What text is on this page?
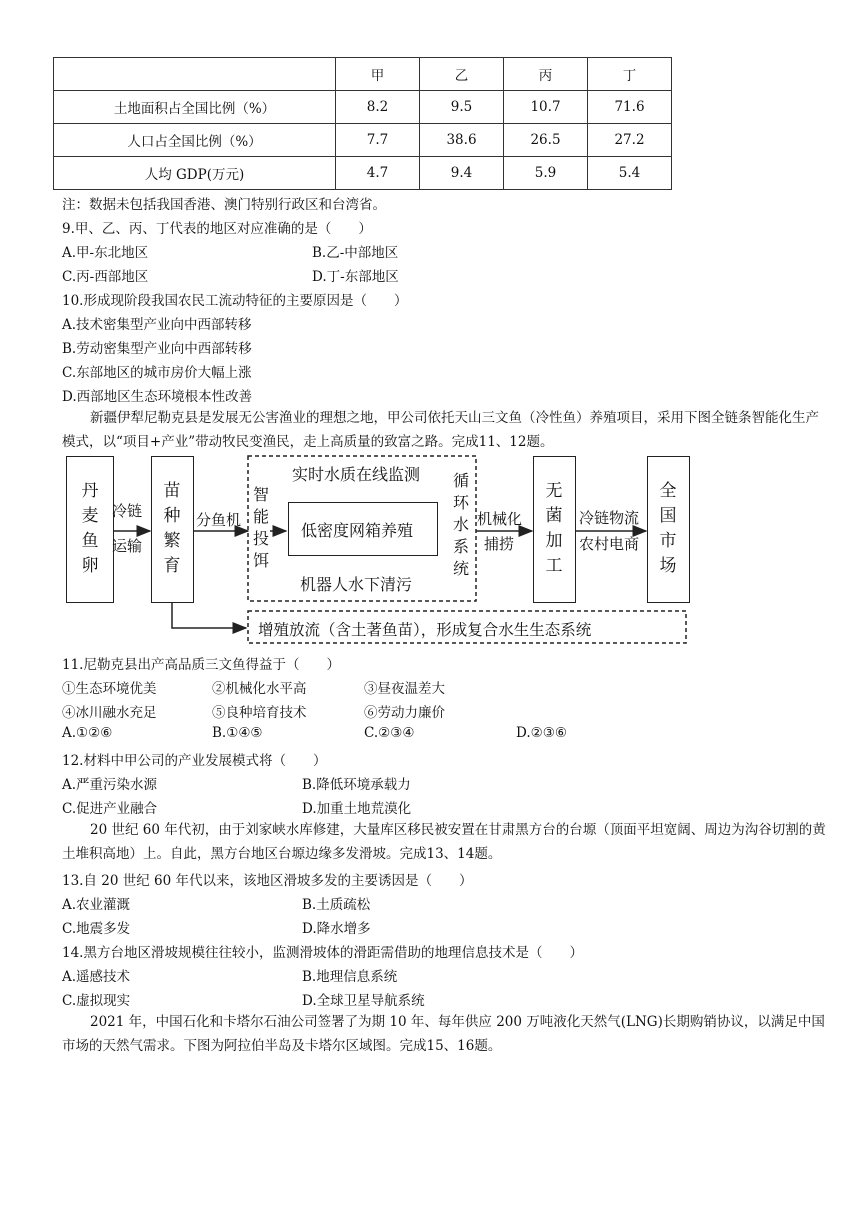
	甲	乙	丙	丁
土地面积占全国比例（%）	8.2	9.5	10.7	71.6
人口占全国比例（%）	7.7	38.6	26.5	27.2
人均 GDP(万元)	4.7	9.4	5.9	5.4
注：数据未包括我国香港、澳门特别行政区和台湾省。
9.甲、乙、丙、丁代表的地区对应准确的是（　　）
A.甲-东北地区	B.乙-中部地区
C.丙-西部地区	D.丁-东部地区
10.形成现阶段我国农民工流动特征的主要原因是（　　）
A.技术密集型产业向中西部转移
B.劳动密集型产业向中西部转移
C.东部地区的城市房价大幅上涨
D.西部地区生态环境根本性改善
新疆伊犁尼勒克县是发展无公害渔业的理想之地，甲公司依托天山三文鱼（冷性鱼）养殖项目，采用下图全链条智能化生产模式，以“项目+产业”带动牧民变渔民，走上高质量的致富之路。完成11、12题。
丹麦鱼卵
冷链
运输
苗种繁育
分鱼机
智能投饵
实时水质在线监测
低密度网箱养殖
机器人水下清污
循环水系统
机械化
捕捞
无菌加工
冷链物流
农村电商
全国市场
增殖放流（含土著鱼苗），形成复合水生生态系统
11.尼勒克县出产高品质三文鱼得益于（　　）
①生态环境优美	②机械化水平高	③昼夜温差大
④冰川融水充足	⑤良种培育技术	⑥劳动力廉价
A.①②⑥	B.①④⑤	C.②③④	D.②③⑥
12.材料中甲公司的产业发展模式将（　　）
A.严重污染水源	B.降低环境承载力
C.促进产业融合	D.加重土地荒漠化
20 世纪 60 年代初，由于刘家峡水库修建，大量库区移民被安置在甘肃黑方台的台塬（顶面平坦宽阔、周边为沟谷切割的黄土堆积高地）上。自此，黑方台地区台塬边缘多发滑坡。完成13、14题。
13.自 20 世纪 60 年代以来，该地区滑坡多发的主要诱因是（　　）
A.农业灌溉	B.土质疏松
C.地震多发	D.降水增多
14.黑方台地区滑坡规模往往较小，监测滑坡体的滑距需借助的地理信息技术是（　　）
A.遥感技术	B.地理信息系统
C.虚拟现实	D.全球卫星导航系统
2021 年，中国石化和卡塔尔石油公司签署了为期 10 年、每年供应 200 万吨液化天然气(LNG)长期购销协议，以满足中国市场的天然气需求。下图为阿拉伯半岛及卡塔尔区域图。完成15、16题。
